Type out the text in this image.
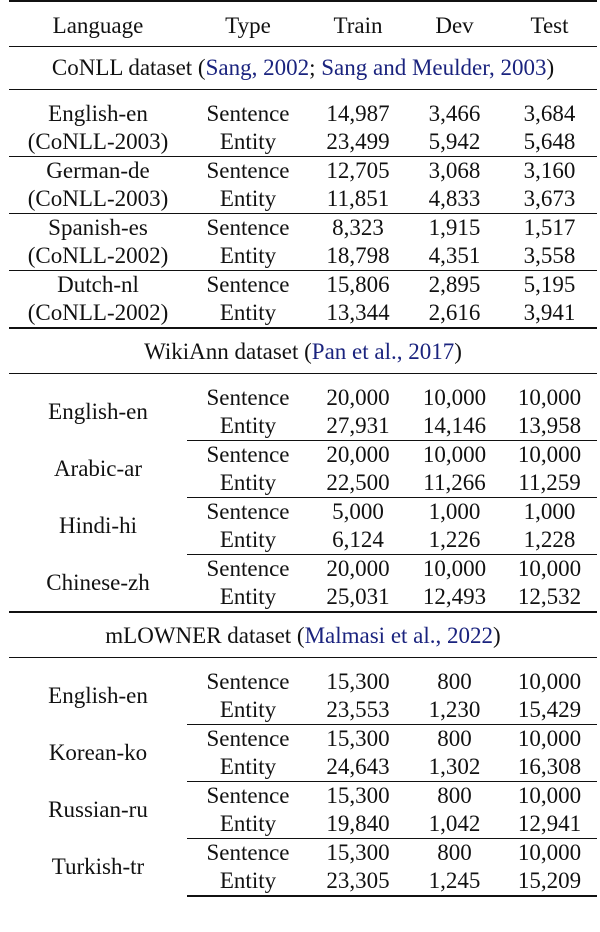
Language	Type	Train	Dev	Test
CoNLL dataset (Sang, 2002; Sang and Meulder, 2003)				

English-en	Sentence	14,987	3,466	3,684
(CoNLL-2003)	Entity	23,499	5,942	5,648
German-de	Sentence	12,705	3,068	3,160
(CoNLL-2003)	Entity	11,851	4,833	3,673
Spanish-es	Sentence	8,323	1,915	1,517
(CoNLL-2002)	Entity	18,798	4,351	3,558
Dutch-nl	Sentence	15,806	2,895	5,195
(CoNLL-2002)	Entity	13,344	2,616	3,941
WikiAnn dataset (Pan et al., 2017)				

English-en	Sentence	20,000	10,000	10,000
	Entity	27,931	14,146	13,958
Arabic-ar	Sentence	20,000	10,000	10,000
	Entity	22,500	11,266	11,259
Hindi-hi	Sentence	5,000	1,000	1,000
	Entity	6,124	1,226	1,228
Chinese-zh	Sentence	20,000	10,000	10,000
	Entity	25,031	12,493	12,532
mLOWNER dataset (Malmasi et al., 2022)				

English-en	Sentence	15,300	800	10,000
	Entity	23,553	1,230	15,429
Korean-ko	Sentence	15,300	800	10,000
	Entity	24,643	1,302	16,308
Russian-ru	Sentence	15,300	800	10,000
	Entity	19,840	1,042	12,941
Turkish-tr	Sentence	15,300	800	10,000
	Entity	23,305	1,245	15,209
